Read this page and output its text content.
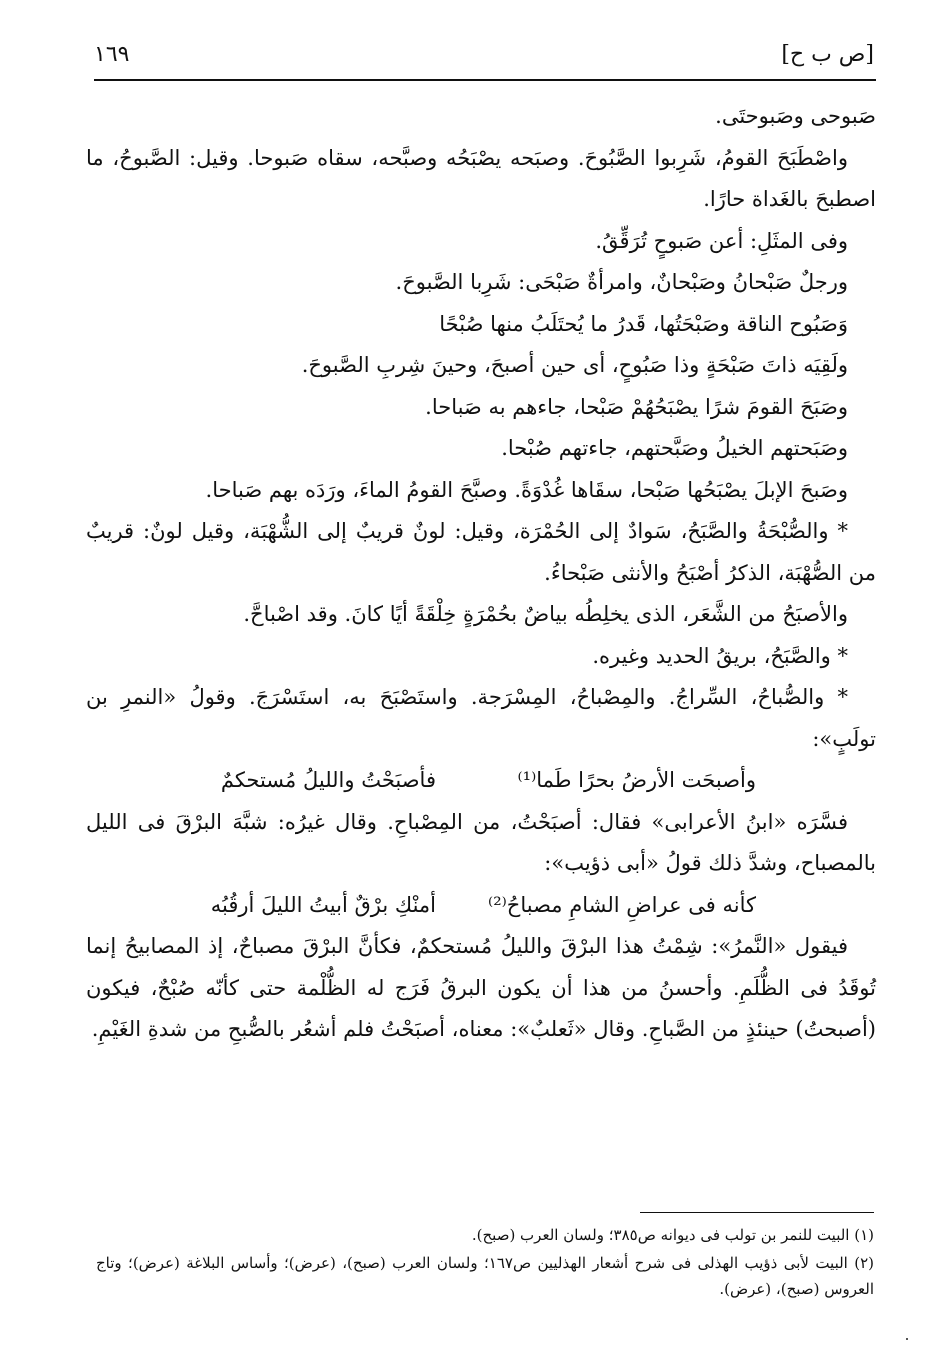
[ص ب ح]
١٦٩

صَبوحى وصَبوحتَى.

واصْطَبَحَ القومُ، شَرِبوا الصَّبُوحَ. وصبَحه يصْبَحُه وصبَّحه، سقاه صَبوحا. وقيل: الصَّبوحُ، ما اصطبحَ بالغَداة حارًا.

وفى المثَلِ: أعن صَبوحٍ تُرَقِّقُ.

ورجلٌ صَبْحانُ وصَبْحانٌ، وامرأةٌ صَبْحَى: شَرِبا الصَّبوحَ.

وَصَبُوح الناقة وصَبْحَتُها، قَدرُ ما يُحتَلَبُ منها صُبْحًا

ولَقِيَه ذاتَ صَبْحَةٍ وذا صَبُوحٍ، أى حين أصبحَ، وحينَ شِربِ الصَّبوحَ.

وصَبَحَ القومَ شرًا يصْبَحُهُمْ صَبْحا، جاءهم به صَباحا.

وصَبَحتهم الخيلُ وصَبَّحتهم، جاءتهم صُبْحا.

وصَبحَ الإبلَ يصْبَحُها صَبْحا، سقَاها غُدْوَةً. وصبَّحَ القومُ الماءَ، ورَدَه بهم صَباحا.

* والصُّبْحَةُ والصَّبَحُ، سَوادٌ إلى الحُمْرَة، وقيل: لونٌ قريبٌ إلى الشُّهْبَة، وقيل لونٌ: قريبٌ من الصُّهْبَة، الذكرُ أصْبَحُ والأنثى صَبْحاءُ.

والأصبَحُ من الشَّعَر، الذى يخلِطُه بياضٌ بحُمْرَةٍ خِلْقَةً أيًا كانَ. وقد اصْباحَّ.

* والصَّبَحُ، بريقُ الحديد وغيره.

* والصُّباحُ، السِّراجُ. والمِصْباحُ، المِسْرَجة. واستَصْبَحَ به، استَسْرَجَ. وقولُ «النمرِ بن تولَبٍ»:

فأصبَحْتُ والليلُ مُستحكمٌ	وأصبحَت الأرضُ بحرًا طَما⁽¹⁾

فسَّرَه «ابنُ الأعرابى» فقال: أصبَحْتُ، من المِصْباحِ. وقال غيرُه: شبَّهَ البرْقَ فى الليل بالمصباح، وشدَّ ذلك قولُ «أبى ذؤيب»:

أمنْكِ برْقٌ أبيتُ الليلَ أرقُبُه كأنه فى عراضِ الشامِ مصباحُ⁽²⁾

فيقول «النَّمرُ»: شِمْتُ هذا البرْقَ والليلُ مُستحكمٌ، فكأنَّ البرْقَ مصباحٌ، إذ المصابيحُ إنما تُوقَدُ فى الظُّلَمِ. وأحسنُ من هذا أن يكون البرقُ فَرَج له الظُّلْمة حتى كأنّه صُبْحٌ، فيكون (أصبحتُ) حينئذٍ من الصَّباحِ. وقال «ثَعلبٌ»: معناه، أصبَحْتُ فلم أشعُر بالصُّبحِ من شدةِ الغَيْمِ.

(١) البيت للنمر بن تولب فى ديوانه ص٣٨٥؛ ولسان العرب (صبح).

(٢) البيت لأبى ذؤيب الهذلى فى شرح أشعار الهذليين ص١٦٧؛ ولسان العرب (صبح)، (عرض)؛ وأساس البلاغة (عرض)؛ وتاج العروس (صبح)، (عرض).
